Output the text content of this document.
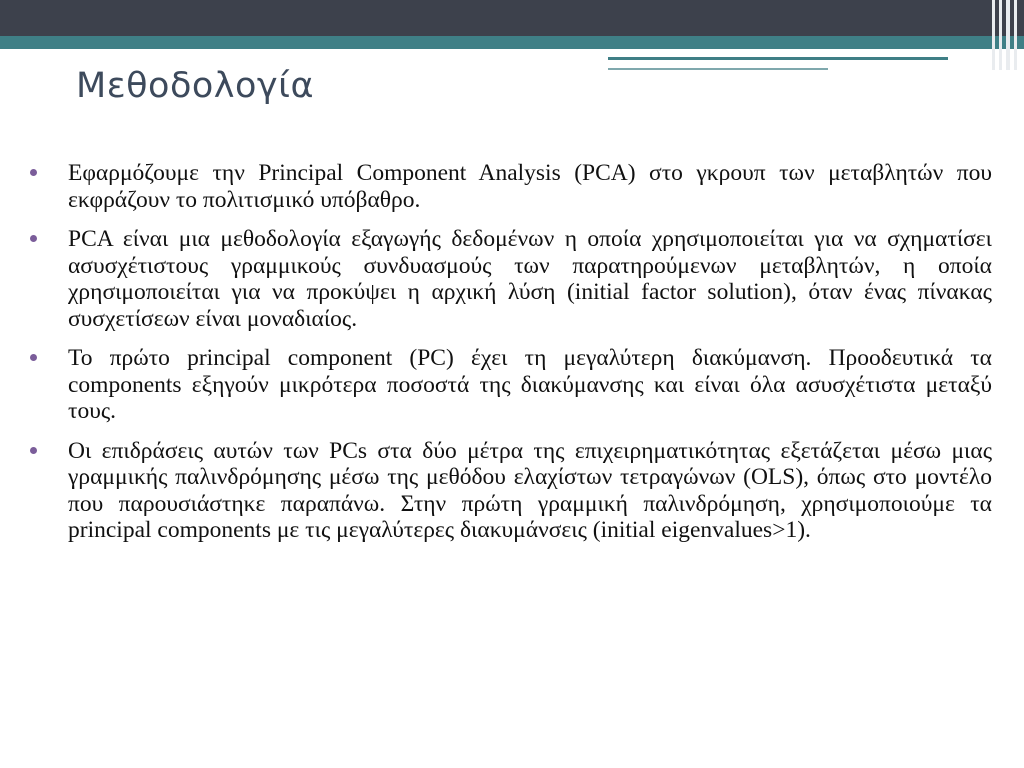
Μεθοδολογία

Εφαρμόζουμε την Principal Component Analysis (PCA) στο γκρουπ των μεταβλητών που εκφράζουν το πολιτισμικό υπόβαθρο.

PCA είναι μια μεθοδολογία εξαγωγής δεδομένων η οποία χρησιμοποιείται για να σχηματίσει ασυσχέτιστους γραμμικούς συνδυασμούς των παρατηρούμενων μεταβλητών, η οποία χρησιμοποιείται για να προκύψει η αρχική λύση (initial factor solution), όταν ένας πίνακας συσχετίσεων είναι μοναδιαίος.

Το πρώτο principal component (PC) έχει τη μεγαλύτερη διακύμανση. Προοδευτικά τα components εξηγούν μικρότερα ποσοστά της διακύμανσης και είναι όλα ασυσχέτιστα μεταξύ τους.

Οι επιδράσεις αυτών των PCs στα δύο μέτρα της επιχειρηματικότητας εξετάζεται μέσω μιας γραμμικής παλινδρόμησης μέσω της μεθόδου ελαχίστων τετραγώνων (OLS), όπως στο μοντέλο που παρουσιάστηκε παραπάνω. Στην πρώτη γραμμική παλινδρόμηση, χρησιμοποιούμε τα principal components με τις μεγαλύτερες διακυμάνσεις (initial eigenvalues>1).
